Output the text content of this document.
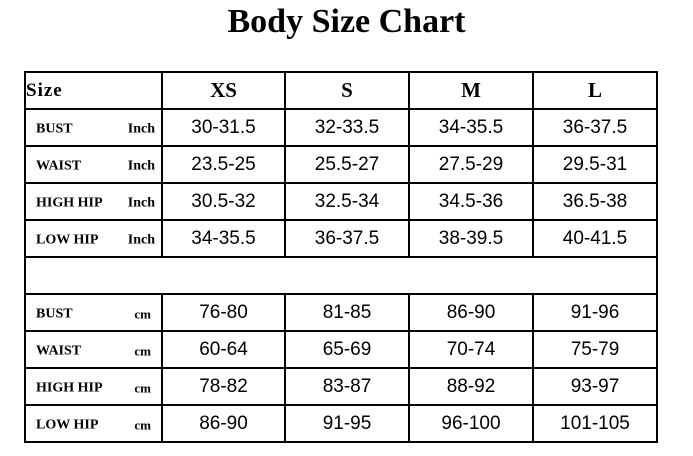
Body Size Chart
Size	XS	S	M	L

BUST Inch	30-31.5	32-33.5	34-35.5	36-37.5

WAIST Inch	23.5-25	25.5-27	27.5-29	29.5-31

HIGH HIP Inch	30.5-32	32.5-34	34.5-36	36.5-38

LOW HIP Inch	34-35.5	36-37.5	38-39.5	40-41.5

BUST cm	76-80	81-85	86-90	91-96

WAIST cm	60-64	65-69	70-74	75-79

HIGH HIP cm	78-82	83-87	88-92	93-97

LOW HIP cm	86-90	91-95	96-100	101-105
